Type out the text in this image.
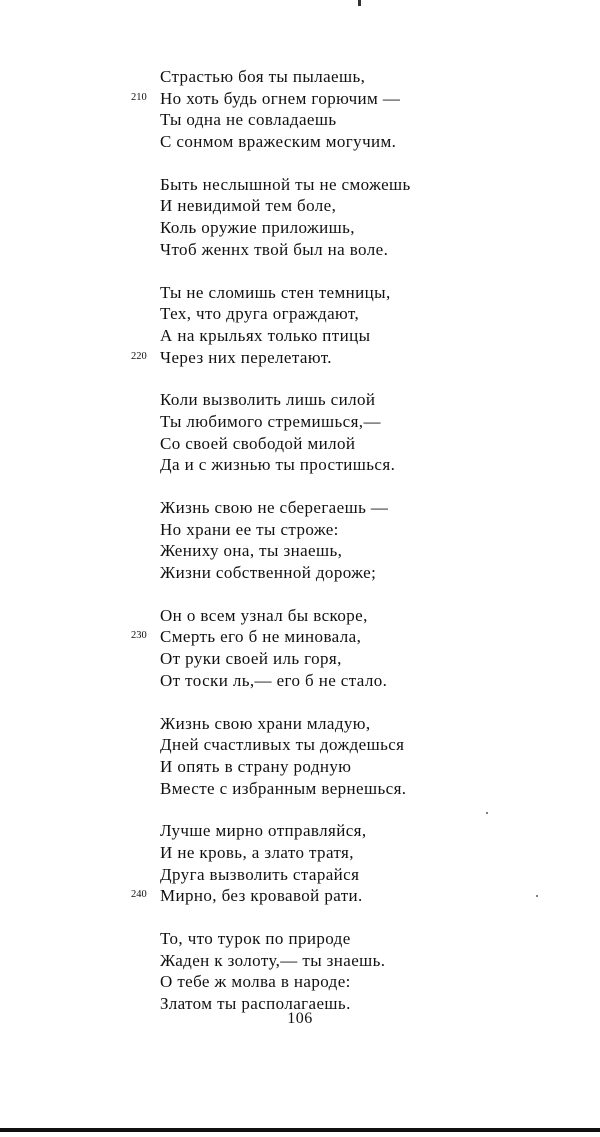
Страстью боя ты пылаешь,
210 Но хоть будь огнем горючим —
Ты одна не совладаешь
С сонмом вражеским могучим.
Быть неслышной ты не сможешь
И невидимой тем боле,
Коль оружие приложишь,
Чтоб женнх твой был на воле.
Ты не сломишь стен темницы,
Тех, что друга ограждают,
А на крыльях только птицы
220 Через них перелетают.
Коли вызволить лишь силой
Ты любимого стремишься,—
Со своей свободой милой
Да и с жизнью ты простишься.
Жизнь свою не сберегаешь —
Но храни ее ты строже:
Жениху она, ты знаешь,
Жизни собственной дороже;
Он о всем узнал бы вскоре,
230 Смерть его б не миновала,
От руки своей иль горя,
От тоски ль,— его б не стало.
Жизнь свою храни младую,
Дней счастливых ты дождешься
И опять в страну родную
Вместе с избранным вернешься.
Лучше мирно отправляйся,
И не кровь, а злато тратя,
Друга вызволить старайся
240 Мирно, без кровавой рати.
То, что турок по природе
Жаден к золоту,— ты знаешь.
О тебе ж молва в народе:
Златом ты располагаешь.
106
